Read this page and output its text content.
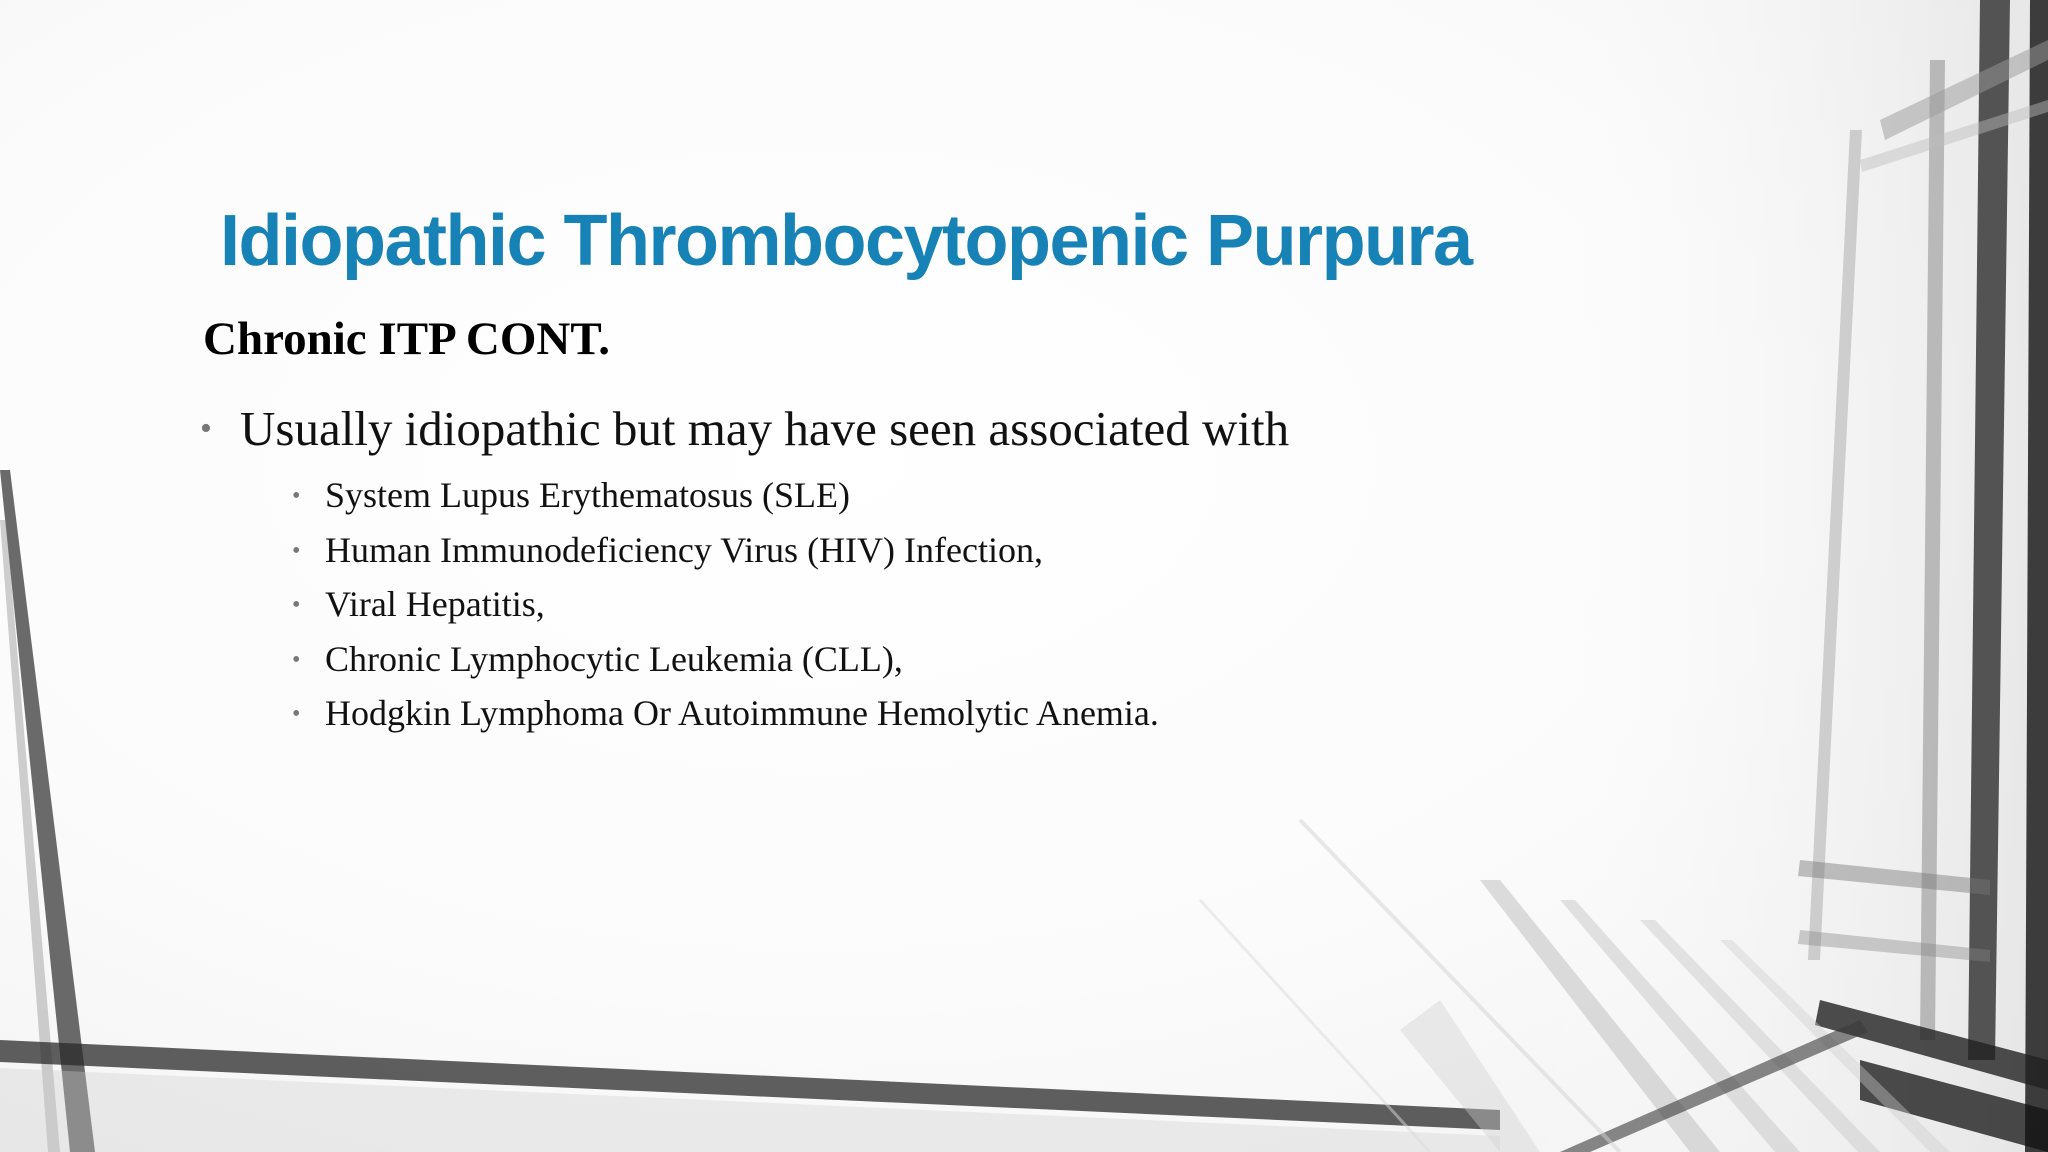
Idiopathic Thrombocytopenic Purpura
Chronic ITP CONT.
• Usually idiopathic but may have seen associated with
• System Lupus Erythematosus (SLE)
• Human Immunodeficiency Virus (HIV) Infection,
• Viral Hepatitis,
• Chronic Lymphocytic Leukemia (CLL),
• Hodgkin Lymphoma Or Autoimmune Hemolytic Anemia.
